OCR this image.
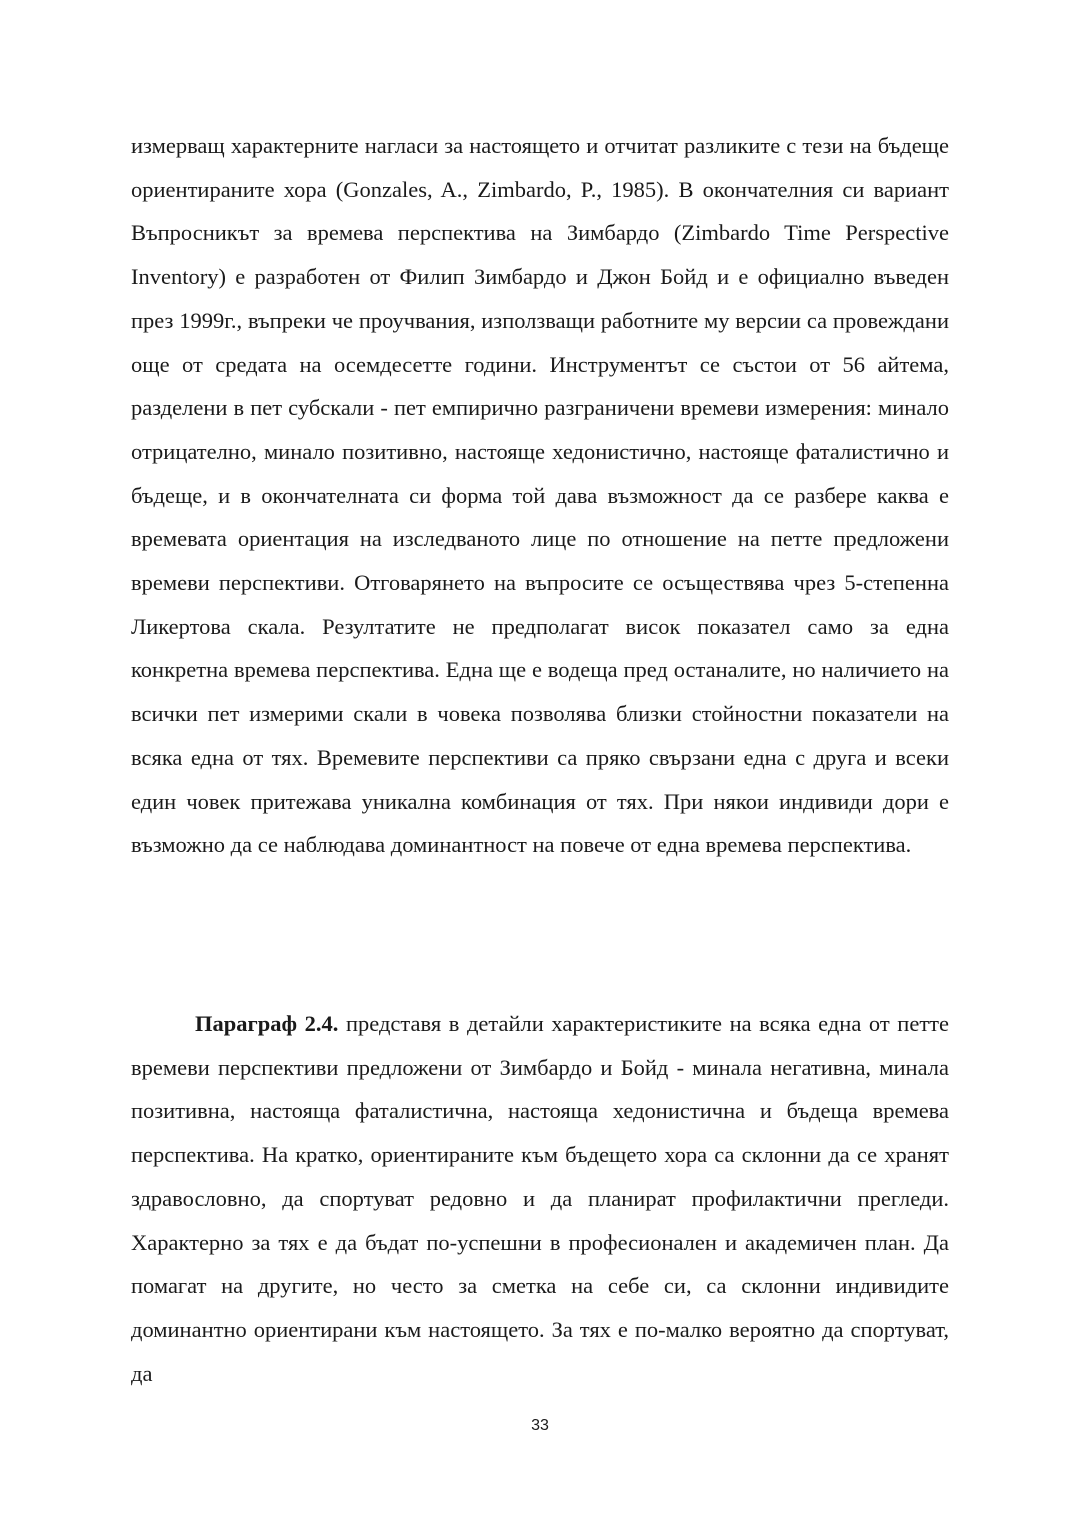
измерващ характерните нагласи за настоящето и отчитат разликите с тези на бъдеще ориентираните хора (Gonzales, A., Zimbardo, P., 1985). В окончателния си вариант Въпросникът за времева перспектива на Зимбардо (Zimbardo Time Perspective Inventory) е разработен от Филип Зимбардо и Джон Бойд и е официално въведен през 1999г., въпреки че проучвания, използващи работните му версии са провеждани още от средата на осемдесетте години. Инструментът се състои от 56 айтема, разделени в пет субскали - пет емпирично разграничени времеви измерения: минало отрицателно, минало позитивно, настояще хедонистично, настояще фаталистично и бъдеще, и в окончателната си форма той дава възможност да се разбере каква е времевата ориентация на изследваното лице по отношение на петте предложени времеви перспективи. Отговарянето на въпросите се осъществява чрез 5-степенна Ликертова скала. Резултатите не предполагат висок показател само за една конкретна времева перспектива. Една ще е водеща пред останалите, но наличието на всички пет измерими скали в човека позволява близки стойностни показатели на всяка една от тях. Времевите перспективи са пряко свързани една с друга и всеки един човек притежава уникална комбинация от тях. При някои индивиди дори е възможно да се наблюдава доминантност на повече от една времева перспектива.

Параграф 2.4. представя в детайли характеристиките на всяка една от петте времеви перспективи предложени от Зимбардо и Бойд - минала негативна, минала позитивна, настояща фаталистична, настояща хедонистична и бъдеща времева перспектива. На кратко, ориентираните към бъдещето хора са склонни да се хранят здравословно, да спортуват редовно и да планират профилактични прегледи. Характерно за тях е да бъдат по-успешни в професионален и академичен план. Да помагат на другите, но често за сметка на себе си, са склонни индивидите доминантно ориентирани към настоящето. За тях е по-малко вероятно да спортуват, да

33
